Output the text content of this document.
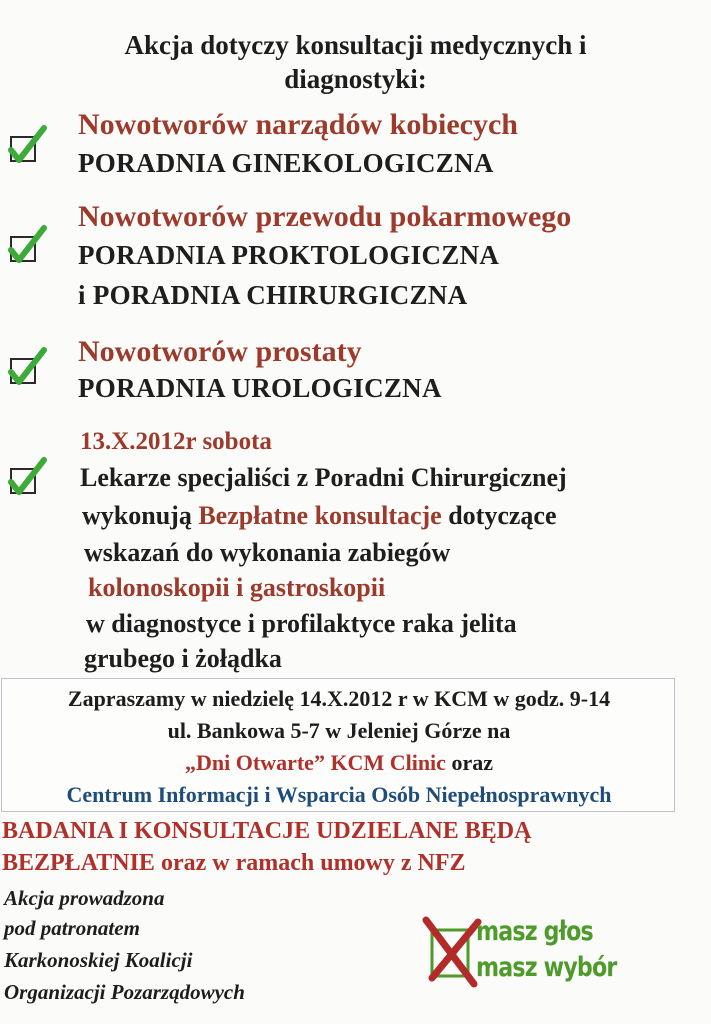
Akcja dotyczy konsultacji medycznych i
diagnostyki:
Nowotworów narządów kobiecych
PORADNIA GINEKOLOGICZNA
Nowotworów przewodu pokarmowego
PORADNIA PROKTOLOGICZNA
i PORADNIA CHIRURGICZNA
Nowotworów prostaty
PORADNIA UROLOGICZNA
13.X.2012r sobota
Lekarze specjaliści z Poradni Chirurgicznej
wykonują Bezpłatne konsultacje dotyczące
wskazań do wykonania zabiegów
kolonoskopii i gastroskopii
w diagnostyce i profilaktyce raka jelita
grubego i żołądka
Zapraszamy w niedzielę 14.X.2012 r w KCM w godz. 9-14
ul. Bankowa 5-7 w Jeleniej Górze na
„Dni Otwarte” KCM Clinic oraz
Centrum Informacji i Wsparcia Osób Niepełnosprawnych
BADANIA I KONSULTACJE UDZIELANE BĘDĄ
BEZPŁATNIE oraz w ramach umowy z NFZ
Akcja prowadzona
pod patronatem
Karkonoskiej Koalicji
Organizacji Pozarządowych
masz głos
masz wybór
